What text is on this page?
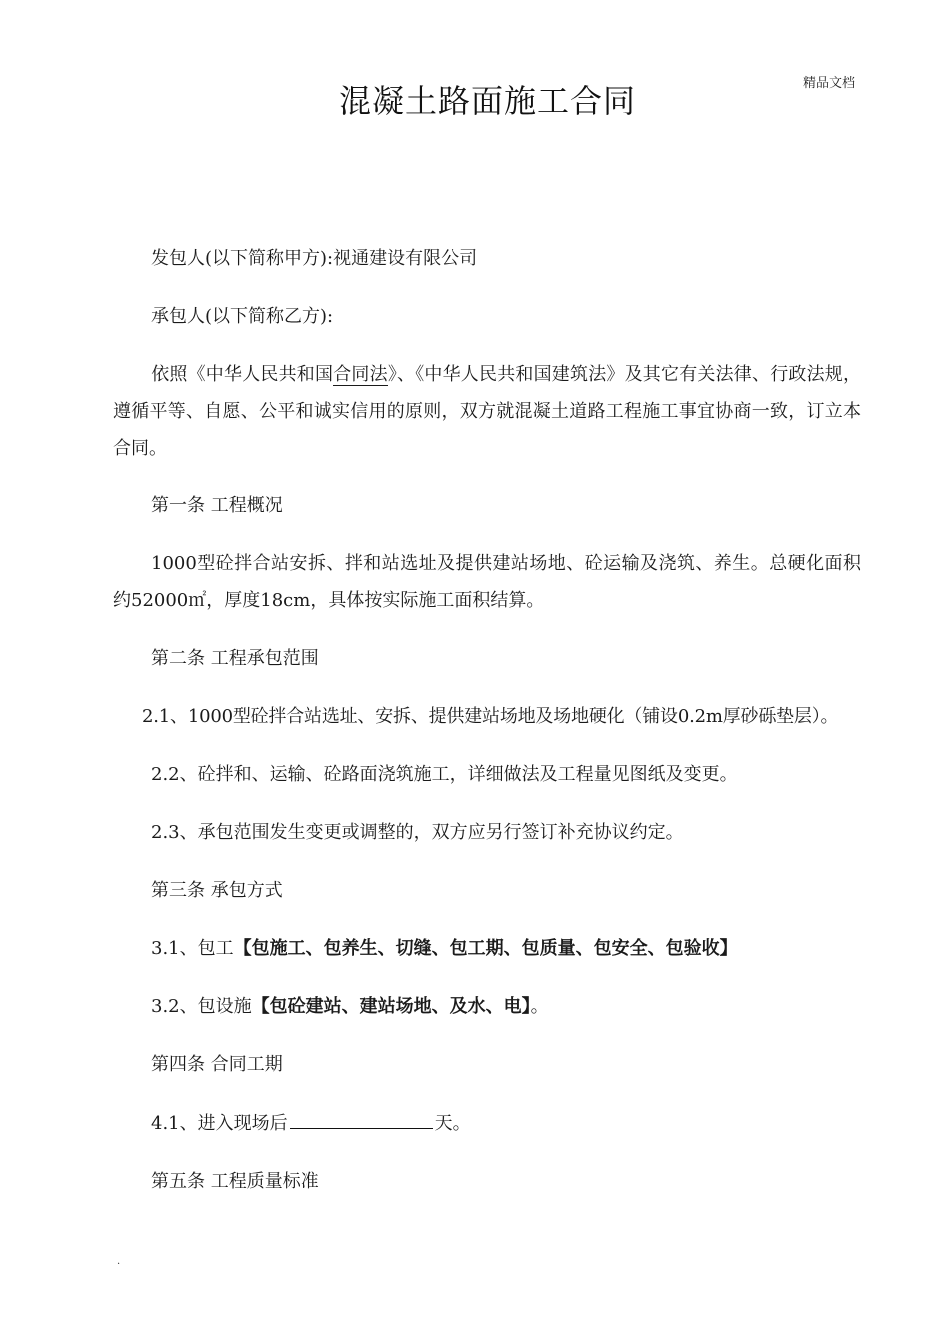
精品文档
混凝土路面施工合同

发包人(以下简称甲方):视通建设有限公司

承包人(以下简称乙方):

依照《中华人民共和国合同法》、《中华人民共和国建筑法》及其它有关法律、行政法规，遵循平等、自愿、公平和诚实信用的原则，双方就混凝土道路工程施工事宜协商一致，订立本合同。

第一条 工程概况

1000型砼拌合站安拆、拌和站选址及提供建站场地、砼运输及浇筑、养生。总硬化面积约52000㎡，厚度18cm，具体按实际施工面积结算。

第二条 工程承包范围

2.1、1000型砼拌合站选址、安拆、提供建站场地及场地硬化（铺设0.2m厚砂砾垫层）。

2.2、砼拌和、运输、砼路面浇筑施工，详细做法及工程量见图纸及变更。

2.3、承包范围发生变更或调整的，双方应另行签订补充协议约定。

第三条 承包方式

3.1、包工【包施工、包养生、切缝、包工期、包质量、包安全、包验收】

3.2、包设施【包砼建站、建站场地、及水、电】。

第四条 合同工期

4.1、进入现场后	天。

第五条 工程质量标准

.
